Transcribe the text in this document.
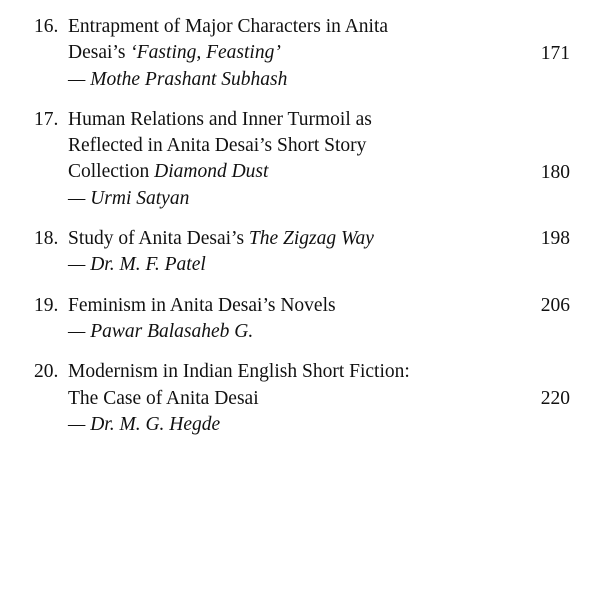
16. Entrapment of Major Characters in Anita
Desai’s ‘Fasting, Feasting’
— Mothe Prashant Subhash
171
17. Human Relations and Inner Turmoil as
Reflected in Anita Desai’s Short Story
Collection Diamond Dust
— Urmi Satyan
180
18. Study of Anita Desai’s The Zigzag Way
— Dr. M. F. Patel
198
19. Feminism in Anita Desai’s Novels
— Pawar Balasaheb G.
206
20. Modernism in Indian English Short Fiction:
The Case of Anita Desai
— Dr. M. G. Hegde
220
